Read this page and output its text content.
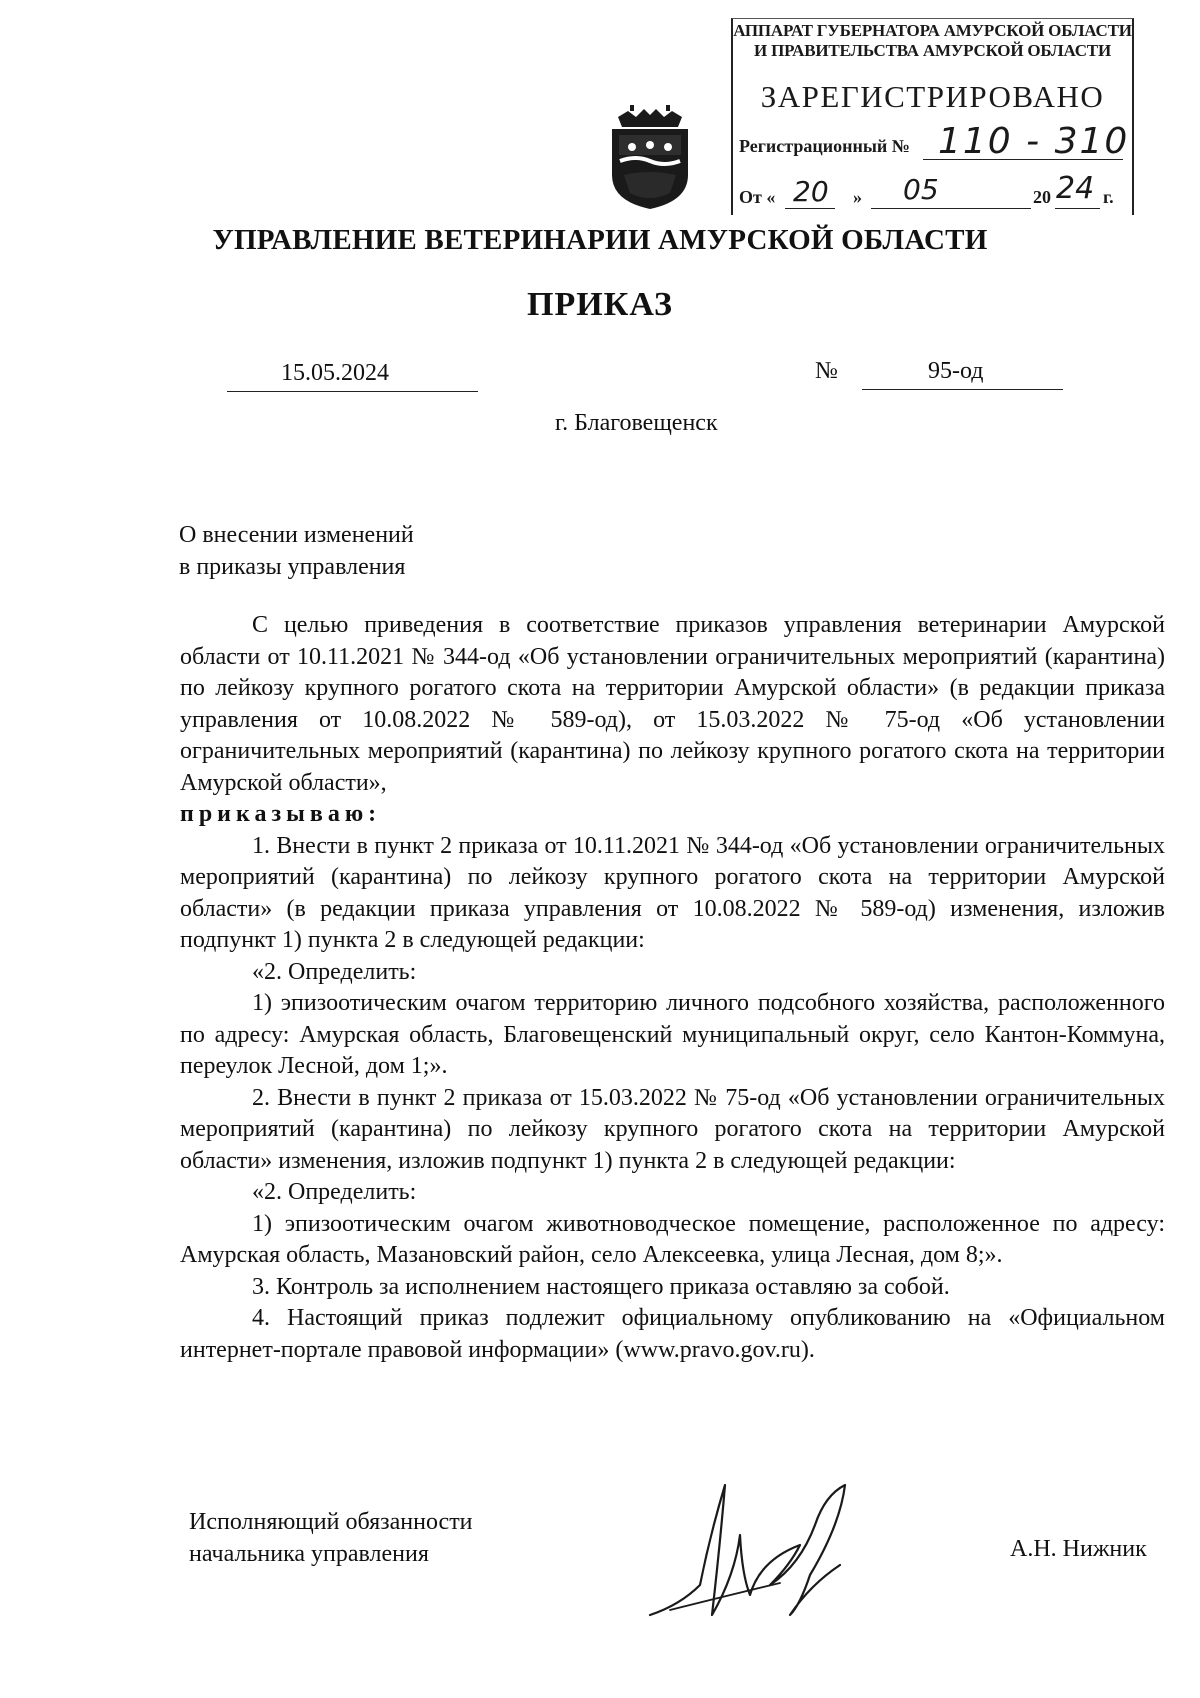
АППАРАТ ГУБЕРНАТОРА АМУРСКОЙ ОБЛАСТИ
И ПРАВИТЕЛЬСТВА АМУРСКОЙ ОБЛАСТИ
ЗАРЕГИСТРИРОВАНО
Регистрационный № 110 - 310
От « 20 » 05	20 24 г.
УПРАВЛЕНИЕ ВЕТЕРИНАРИИ АМУРСКОЙ ОБЛАСТИ
ПРИКАЗ
15.05.2024	№	95-од
г. Благовещенск
О внесении изменений
в приказы управления

С целью приведения в соответствие приказов управления ветеринарии Амурской области от 10.11.2021 № 344-од «Об установлении ограничительных мероприятий (карантина) по лейкозу крупного рогатого скота на территории Амурской области» (в редакции приказа управления от 10.08.2022 № 589-од), от 15.03.2022 № 75-од «Об установлении ограничительных мероприятий (карантина) по лейкозу крупного рогатого скота на территории Амурской области»,

приказываю:

1. Внести в пункт 2 приказа от 10.11.2021 № 344-од «Об установлении ограничительных мероприятий (карантина) по лейкозу крупного рогатого скота на территории Амурской области» (в редакции приказа управления от 10.08.2022 № 589-од) изменения, изложив подпункт 1) пункта 2 в следующей редакции:

«2. Определить:

1) эпизоотическим очагом территорию личного подсобного хозяйства, расположенного по адресу: Амурская область, Благовещенский муниципальный округ, село Кантон-Коммуна, переулок Лесной, дом 1;».

2. Внести в пункт 2 приказа от 15.03.2022 № 75-од «Об установлении ограничительных мероприятий (карантина) по лейкозу крупного рогатого скота на территории Амурской области» изменения, изложив подпункт 1) пункта 2 в следующей редакции:

«2. Определить:

1) эпизоотическим очагом животноводческое помещение, расположенное по адресу: Амурская область, Мазановский район, село Алексеевка, улица Лесная, дом 8;».

3. Контроль за исполнением настоящего приказа оставляю за собой.

4. Настоящий приказ подлежит официальному опубликованию на «Официальном интернет-портале правовой информации» (www.pravo.gov.ru).

Исполняющий обязанности
начальника управления	А.Н. Нижник
